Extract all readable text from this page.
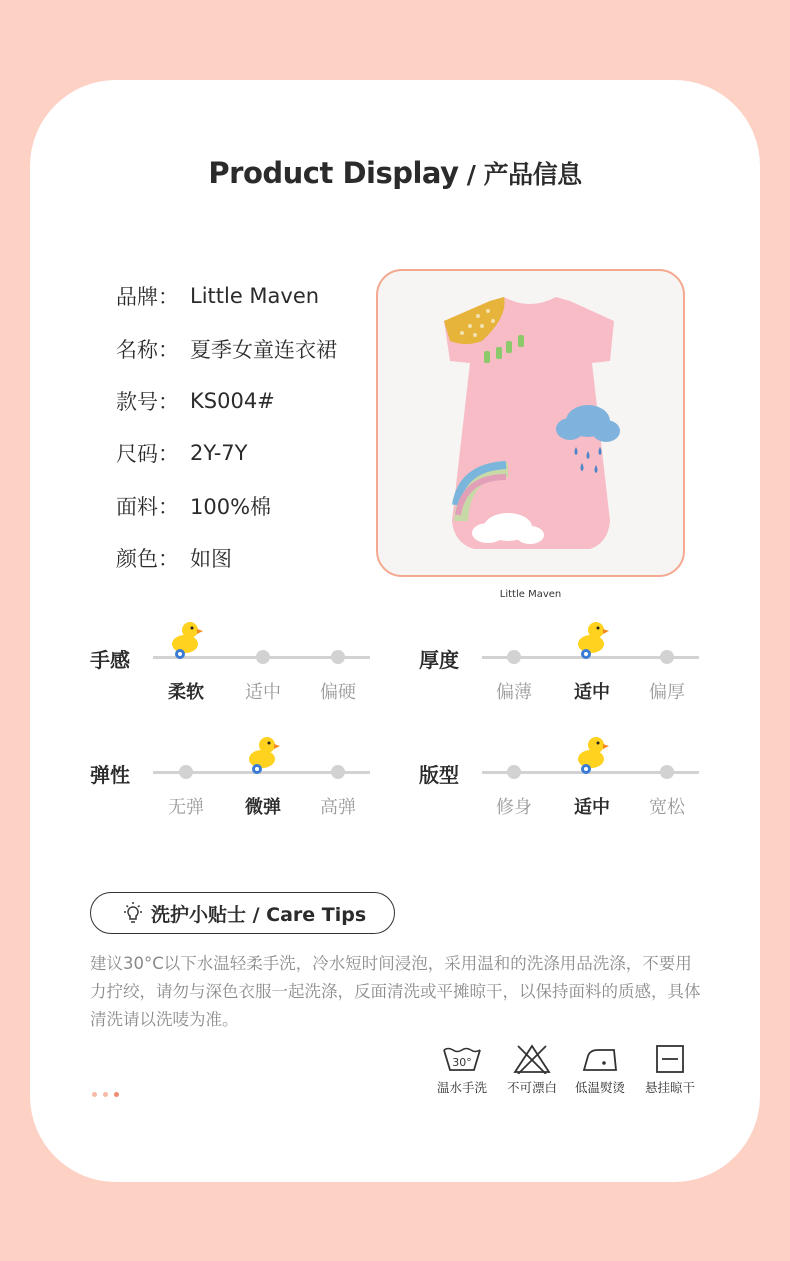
Product Display / 产品信息
品牌： Little Maven
名称： 夏季女童连衣裙
款号： KS004#
尺码： 2Y-7Y
面料： 100%棉
颜色： 如图
Little Maven
手感
柔软	适中	偏硬
厚度
偏薄	适中	偏厚
弹性
无弹	微弹	高弹
版型
修身	适中	宽松
洗护小贴士 / Care Tips
建议30°C以下水温轻柔手洗，冷水短时间浸泡，采用温和的洗涤用品洗涤，不要用力拧绞，请勿与深色衣服一起洗涤，反面清洗或平摊晾干，以保持面料的质感，具体清洗请以洗唛为准。
30°
温水手洗	不可漂白	低温熨烫	悬挂晾干
